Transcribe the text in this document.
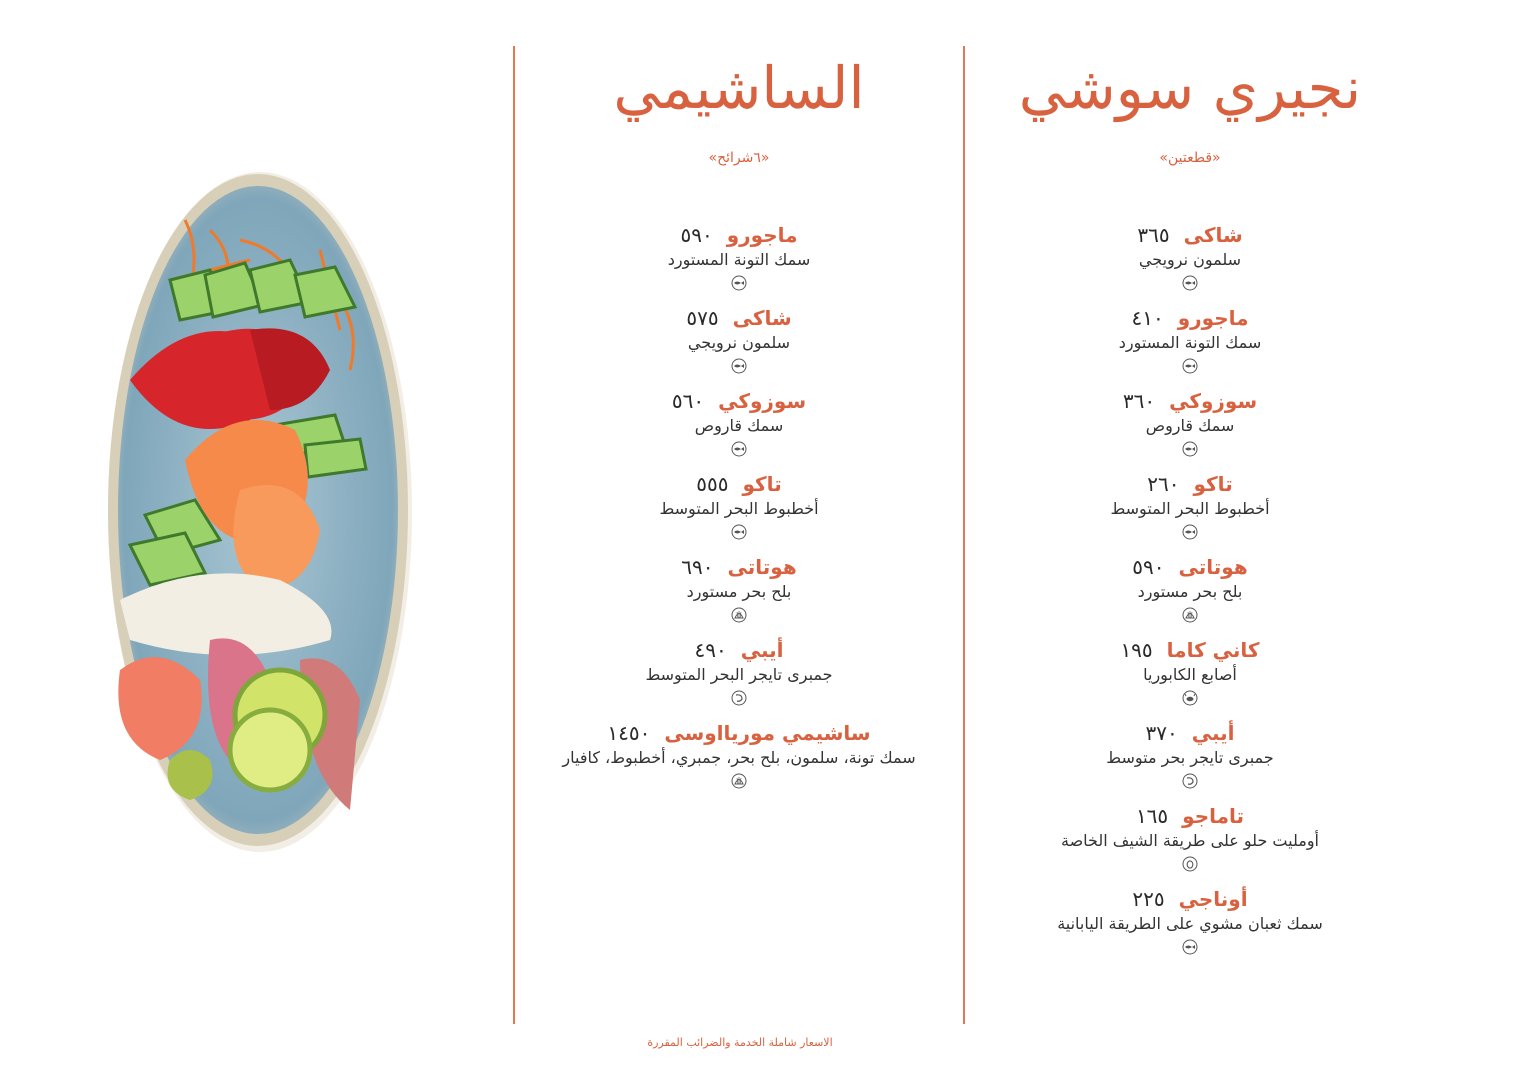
الساشيمي
«٦شرائح»
ماجورو٥٩٠
سمك التونة المستورد
شاكى٥٧٥
سلمون نرويجي
سوزوكي٥٦٠
سمك قاروص
تاكو٥٥٥
أخطبوط البحر المتوسط
هوتاتى٦٩٠
بلح بحر مستورد
أيبي٤٩٠
جمبرى تايجر البحر المتوسط
ساشيمي موريااوسى١٤٥٠
سمك تونة، سلمون، بلح بحر، جمبري، أخطبوط، كافيار
نجيري سوشي
«قطعتين»
شاكى٣٦٥
سلمون نرويجي
ماجورو٤١٠
سمك التونة المستورد
سوزوكي٣٦٠
سمك قاروص
تاكو٢٦٠
أخطبوط البحر المتوسط
هوتاتى٥٩٠
بلح بحر مستورد
كاني كاما١٩٥
أصابع الكابوريا
أيبي٣٧٠
جمبرى تايجر بحر متوسط
تاماجو١٦٥
أومليت حلو على طريقة الشيف الخاصة
أوناجي٢٢٥
سمك ثعبان مشوي على الطريقة اليابانية
الاسعار شاملة الخدمة والضرائب المقررة
